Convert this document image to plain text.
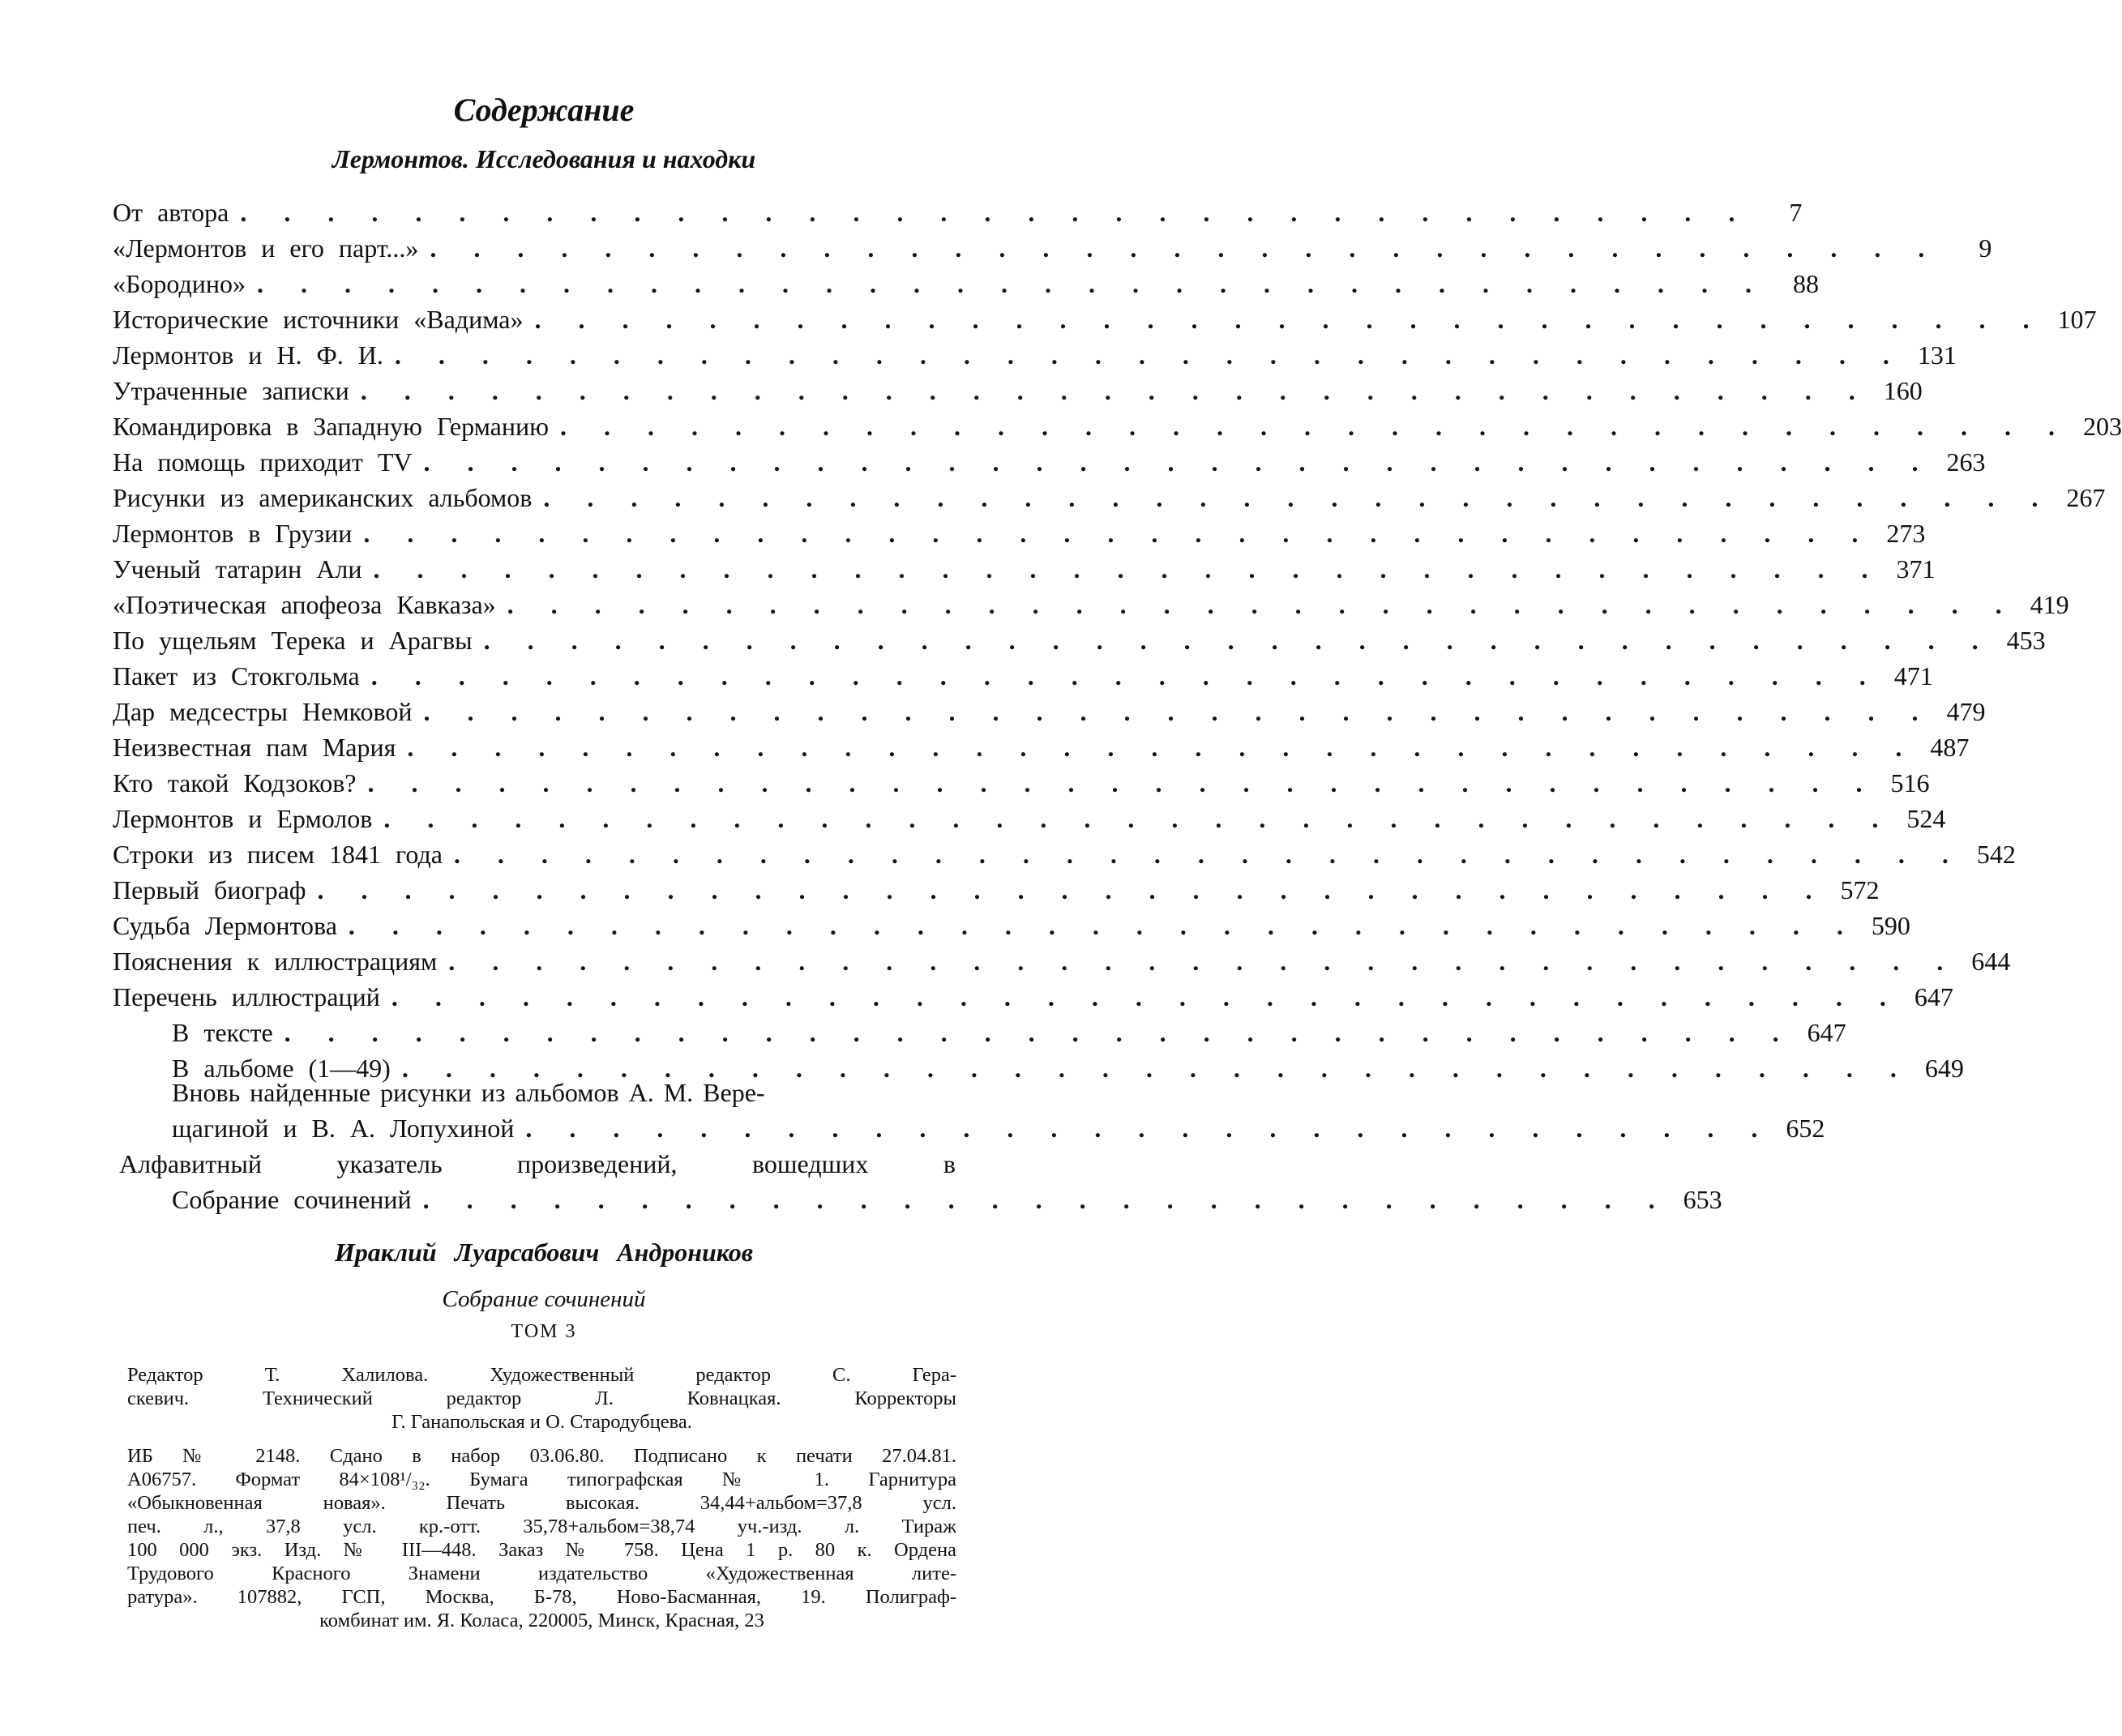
Содержание
Лермонтов. Исследования и находки
От автора . . . . . . . . . . . . . . . . . . . . . . . . . . . . . . . . . . .	7
«Лермонтов и его парт...» . . . . . . . . . . . . . . . . . . . . . . . . . . . . . . . . . . .	9
«Бородино» . . . . . . . . . . . . . . . . . . . . . . . . . . . . . . . . . . .	88
Исторические источники «Вадима» . . . . . . . . . . . . . . . . . . . . . . . . . . . . . . . . . . . 107
Лермонтов и Н. Ф. И. . . . . . . . . . . . . . . . . . . . . . . . . . . . . . . . . . . . 131
Утраченные записки . . . . . . . . . . . . . . . . . . . . . . . . . . . . . . . . . . . 160
Командировка в Западную Германию . . . . . . . . . . . . . . . . . . . . . . . . . . . . . . . . . . . 203
На помощь приходит TV . . . . . . . . . . . . . . . . . . . . . . . . . . . . . . . . . . . 263
Рисунки из американских альбомов . . . . . . . . . . . . . . . . . . . . . . . . . . . . . . . . . . . 267
Лермонтов в Грузии . . . . . . . . . . . . . . . . . . . . . . . . . . . . . . . . . . . 273
Ученый татарин Али . . . . . . . . . . . . . . . . . . . . . . . . . . . . . . . . . . . 371
«Поэтическая апофеоза Кавказа» . . . . . . . . . . . . . . . . . . . . . . . . . . . . . . . . . . . 419
По ущельям Терека и Арагвы . . . . . . . . . . . . . . . . . . . . . . . . . . . . . . . . . . . 453
Пакет из Стокгольма . . . . . . . . . . . . . . . . . . . . . . . . . . . . . . . . . . . 471
Дар медсестры Немковой . . . . . . . . . . . . . . . . . . . . . . . . . . . . . . . . . . . 479
Неизвестная пам Мария . . . . . . . . . . . . . . . . . . . . . . . . . . . . . . . . . . . 487
Кто такой Кодзоков? . . . . . . . . . . . . . . . . . . . . . . . . . . . . . . . . . . . 516
Лермонтов и Ермолов . . . . . . . . . . . . . . . . . . . . . . . . . . . . . . . . . . . 524
Строки из писем 1841 года . . . . . . . . . . . . . . . . . . . . . . . . . . . . . . . . . . . 542
Первый биограф . . . . . . . . . . . . . . . . . . . . . . . . . . . . . . . . . . . 572
Судьба Лермонтова . . . . . . . . . . . . . . . . . . . . . . . . . . . . . . . . . . . 590
Пояснения к иллюстрациям . . . . . . . . . . . . . . . . . . . . . . . . . . . . . . . . . . . 644
Перечень иллюстраций . . . . . . . . . . . . . . . . . . . . . . . . . . . . . . . . . . . 647
В тексте . . . . . . . . . . . . . . . . . . . . . . . . . . . . . . . . . . . 647
В альбоме (1—49) . . . . . . . . . . . . . . . . . . . . . . . . . . . . . . . . . . . 649
Вновь найденные рисунки из альбомов А. М. Вере-
щагиной и В. А. Лопухиной . . . . . . . . . . . . . . . . . . . . . . . . . . . . . 652
Алфавитный	указатель	произведений,	вошедших	в
Собрание сочинений . . . . . . . . . . . . . . . . . . . . . . . . . . . . . 653
Ираклий Луарсабович Андроников
Собрание сочинений
ТОМ 3
Редактор Т. Халилова. Художественный редактор С. Гера-
скевич. Технический редактор Л. Ковнацкая. Корректоры
Г. Ганапольская и О. Стародубцева.
ИБ № 2148. Сдано в набор 03.06.80. Подписано к печати 27.04.81.
А06757. Формат 84×108¹/₃₂. Бумага типографская № 1. Гарнитура
«Обыкновенная новая». Печать высокая. 34,44+альбом=37,8 усл.
печ. л., 37,8 усл. кр.-отт. 35,78+альбом=38,74 уч.-изд. л. Тираж
100 000 экз. Изд. № III—448. Заказ № 758. Цена 1 р. 80 к. Ордена
Трудового Красного Знамени издательство «Художественная лите-
ратура». 107882, ГСП, Москва, Б-78, Ново-Басманная, 19. Полиграф-
комбинат им. Я. Коласа, 220005, Минск, Красная, 23
